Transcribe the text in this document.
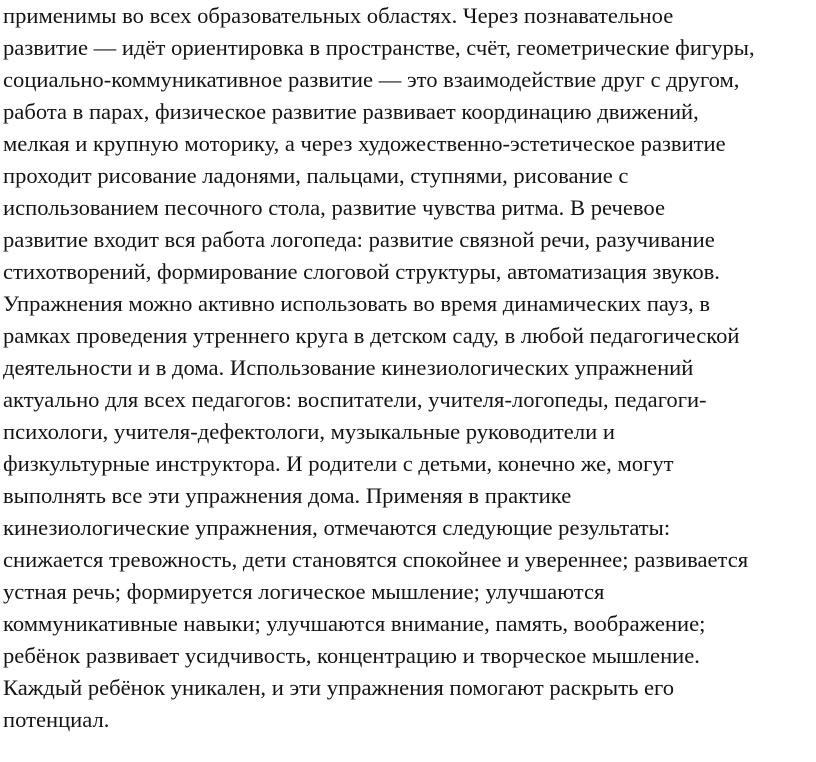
применимы во всех образовательных областях. Через познавательное

развитие — идёт ориентировка в пространстве, счёт, геометрические фигуры,

социально-коммуникативное развитие — это взаимодействие друг с другом,

работа в парах, физическое развитие развивает координацию движений,

мелкая и крупную моторику, а через художественно-эстетическое развитие

проходит рисование ладонями, пальцами, ступнями, рисование с

использованием песочного стола, развитие чувства ритма. В речевое

развитие входит вся работа логопеда: развитие связной речи, разучивание

стихотворений, формирование слоговой структуры, автоматизация звуков.

Упражнения можно активно использовать во время динамических пауз, в

рамках проведения утреннего круга в детском саду, в любой педагогической

деятельности и в дома. Использование кинезиологических упражнений

актуально для всех педагогов: воспитатели, учителя-логопеды, педагоги-

психологи, учителя-дефектологи, музыкальные руководители и

физкультурные инструктора. И родители с детьми, конечно же, могут

выполнять все эти упражнения дома. Применяя в практике

кинезиологические упражнения, отмечаются следующие результаты:

снижается тревожность, дети становятся спокойнее и увереннее; развивается

устная речь; формируется логическое мышление; улучшаются

коммуникативные навыки; улучшаются внимание, память, воображение;

ребёнок развивает усидчивость, концентрацию и творческое мышление.

Каждый ребёнок уникален, и эти упражнения помогают раскрыть его

потенциал.
